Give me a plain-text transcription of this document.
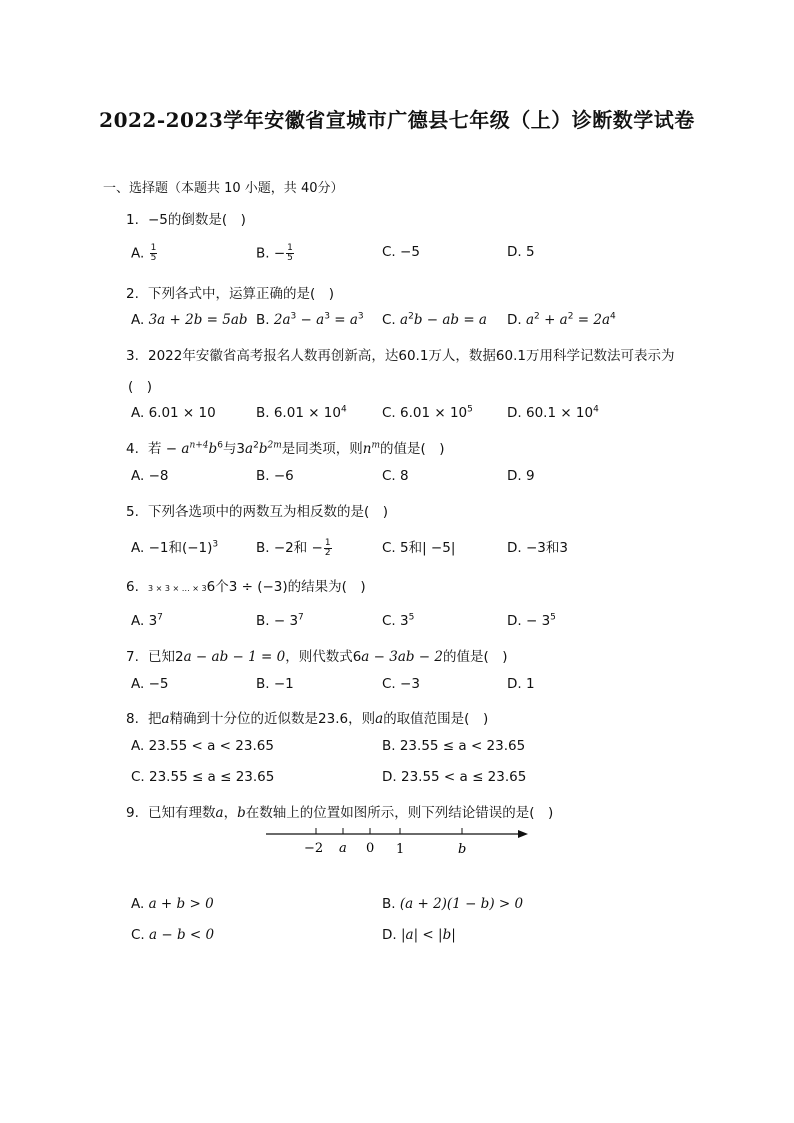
2022-2023学年安徽省宣城市广德县七年级（上）诊断数学试卷
一、选择题（本题共 10 小题，共 40分）
1. −5的倒数是(　)
A. $\frac{1}{5}$	B. − $\frac{1}{5}$	C. −5	D. 5
2. 下列各式中，运算正确的是(　)
A. 3a + 2b = 5ab B. $2a^3 - a^3 = a^3$ C. $a^2b$ − ab = a D. $a^2 + a^2 = 2a^4$
3. 2022年安徽省高考报名人数再创新高，达60.1万人，数据60.1万用科学记数法可表示为
(　)
A. 6.01 × 10	B. $6.01 \times 10^4$	C. $6.01 \times 10^5$	D. $60.1 \times 10^4$
4. 若 − $a^{n+4}b^6$与$3a^2b^{2m}$是同类项，则$n^m$的值是(　)
A. −8	B. −6	C. 8	D. 9
5. 下列各选项中的两数互为相反数的是(　)
A. −1和$(-1)^3$	B. −2和 − $\frac{1}{2}$	C. 5和| −5|	D. −3和3
6. 3 × 3 × … × 36个3 ÷ (−3)的结果为(　)
A. $3^7$	B. − $3^7$	C. $3^5$	D. − $3^5$
7. 已知2a − ab − 1 = 0，则代数式6a − 3ab − 2的值是(　)
A. −5	B. −1	C. −3	D. 1
8. 把a精确到十分位的近似数是23.6，则a的取值范围是(　)
A. 23.55 < a < 23.65	B. 23.55 ≤ a < 23.65
C. 23.55 ≤ a ≤ 23.65	D. 23.55 < a ≤ 23.65
9. 已知有理数a，b在数轴上的位置如图所示，则下列结论错误的是(　)
−2 a 0 1	b
A. a + b > 0	B. (a + 2)(1 − b) > 0
C. a − b < 0	D. |a| < |b|
